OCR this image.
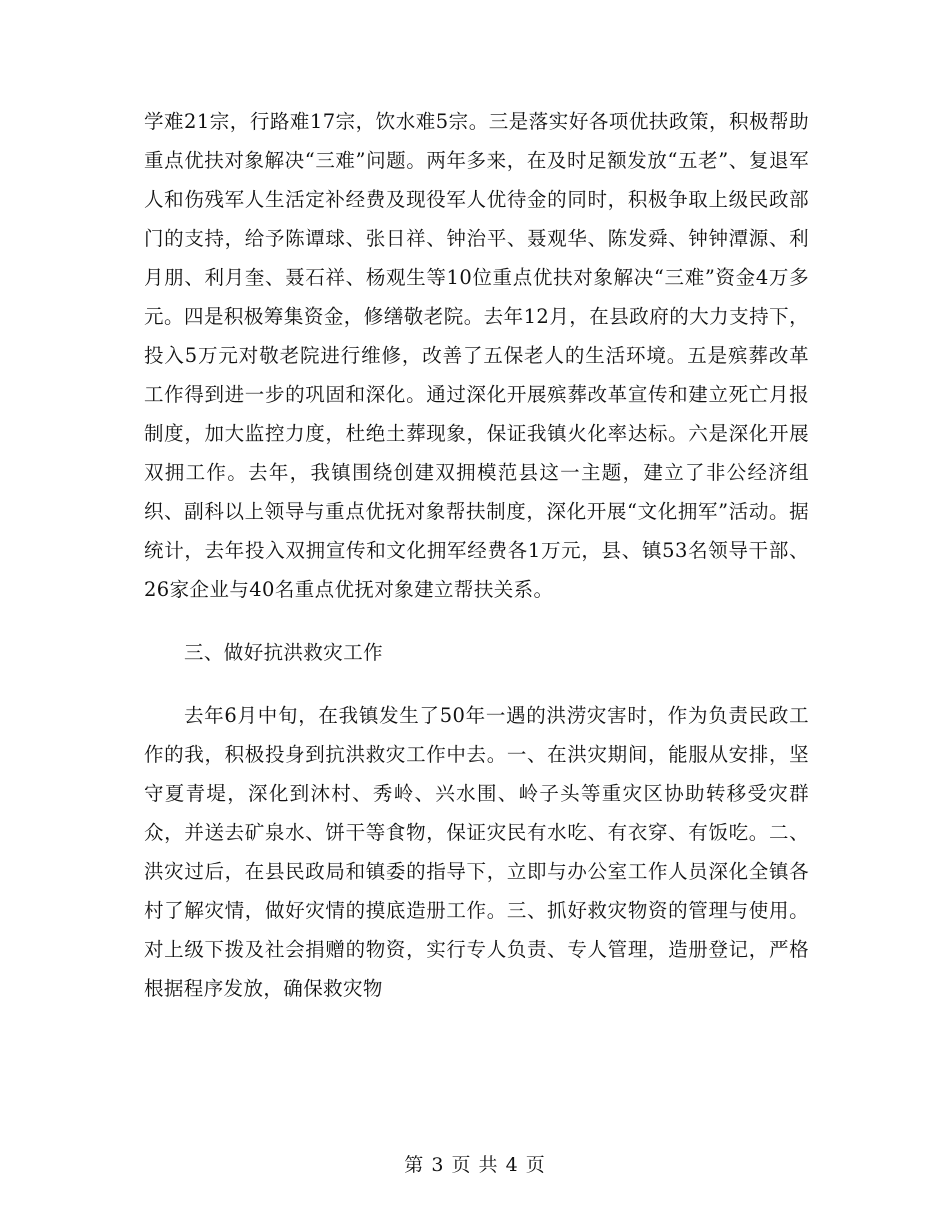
学难21宗，行路难17宗，饮水难5宗。三是落实好各项优扶政策，积极帮助重点优扶对象解决“三难”问题。两年多来，在及时足额发放“五老”、复退军人和伤残军人生活定补经费及现役军人优待金的同时，积极争取上级民政部门的支持，给予陈谭球、张日祥、钟治平、聂观华、陈发舜、钟钟潭源、利月朋、利月奎、聂石祥、杨观生等10位重点优扶对象解决“三难”资金4万多元。四是积极筹集资金，修缮敬老院。去年12月，在县政府的大力支持下，投入5万元对敬老院进行维修，改善了五保老人的生活环境。五是殡葬改革工作得到进一步的巩固和深化。通过深化开展殡葬改革宣传和建立死亡月报制度，加大监控力度，杜绝土葬现象，保证我镇火化率达标。六是深化开展双拥工作。去年，我镇围绕创建双拥模范县这一主题，建立了非公经济组织、副科以上领导与重点优抚对象帮扶制度，深化开展“文化拥军”活动。据统计，去年投入双拥宣传和文化拥军经费各1万元，县、镇53名领导干部、26家企业与40名重点优抚对象建立帮扶关系。

三、做好抗洪救灾工作

去年6月中旬，在我镇发生了50年一遇的洪涝灾害时，作为负责民政工作的我，积极投身到抗洪救灾工作中去。一、在洪灾期间，能服从安排，坚守夏青堤，深化到沐村、秀岭、兴水围、岭子头等重灾区协助转移受灾群众，并送去矿泉水、饼干等食物，保证灾民有水吃、有衣穿、有饭吃。二、洪灾过后，在县民政局和镇委的指导下，立即与办公室工作人员深化全镇各村了解灾情，做好灾情的摸底造册工作。三、抓好救灾物资的管理与使用。对上级下拨及社会捐赠的物资，实行专人负责、专人管理，造册登记，严格根据程序发放，确保救灾物

第 3 页 共 4 页
